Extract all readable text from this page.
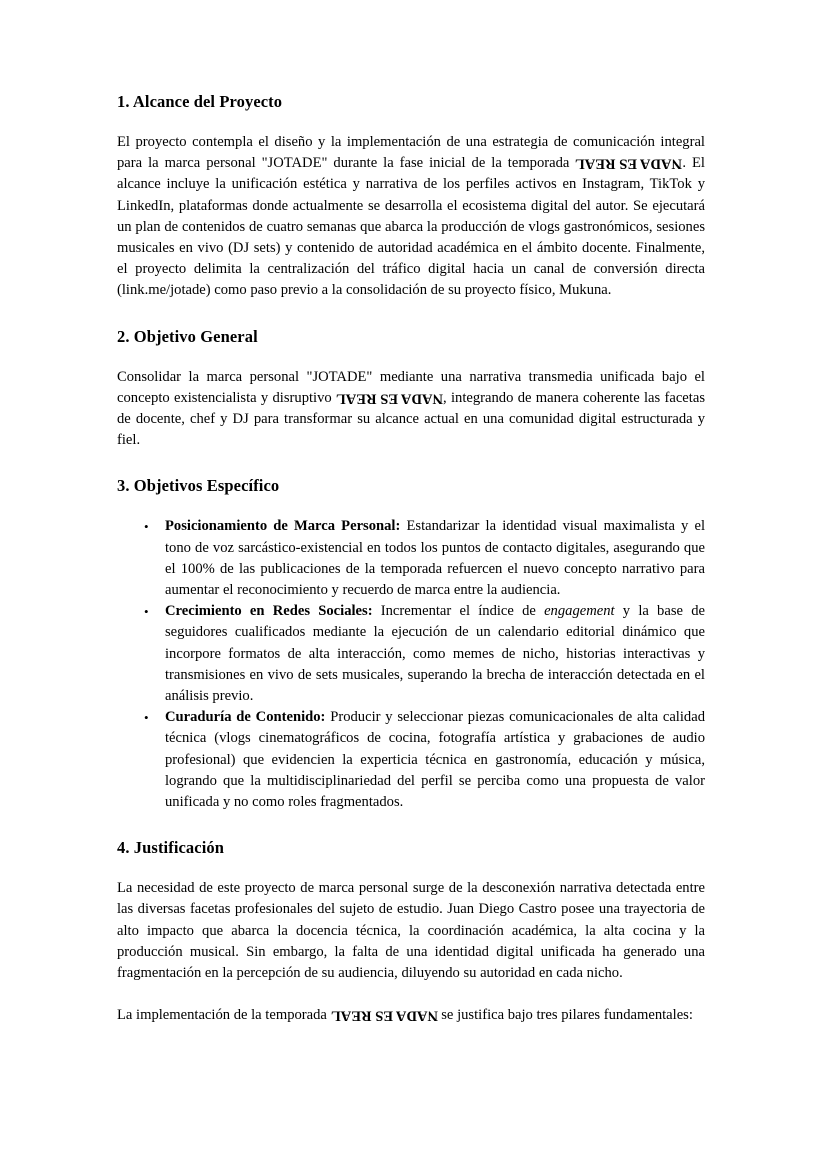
1. Alcance del Proyecto

El proyecto contempla el diseño y la implementación de una estrategia de comunicación integral para la marca personal "JOTADE" durante la fase inicial de la temporada NADA ES REAL. El alcance incluye la unificación estética y narrativa de los perfiles activos en Instagram, TikTok y LinkedIn, plataformas donde actualmente se desarrolla el ecosistema digital del autor. Se ejecutará un plan de contenidos de cuatro semanas que abarca la producción de vlogs gastronómicos, sesiones musicales en vivo (DJ sets) y contenido de autoridad académica en el ámbito docente. Finalmente, el proyecto delimita la centralización del tráfico digital hacia un canal de conversión directa (link.me/jotade) como paso previo a la consolidación de su proyecto físico, Mukuna.

2. Objetivo General

Consolidar la marca personal "JOTADE" mediante una narrativa transmedia unificada bajo el concepto existencialista y disruptivo NADA ES REAL, integrando de manera coherente las facetas de docente, chef y DJ para transformar su alcance actual en una comunidad digital estructurada y fiel.

3. Objetivos Específico
• Posicionamiento de Marca Personal: Estandarizar la identidad visual maximalista y el tono de voz sarcástico-existencial en todos los puntos de contacto digitales, asegurando que el 100% de las publicaciones de la temporada refuercen el nuevo concepto narrativo para aumentar el reconocimiento y recuerdo de marca entre la audiencia.
• Crecimiento en Redes Sociales: Incrementar el índice de engagement y la base de seguidores cualificados mediante la ejecución de un calendario editorial dinámico que incorpore formatos de alta interacción, como memes de nicho, historias interactivas y transmisiones en vivo de sets musicales, superando la brecha de interacción detectada en el análisis previo.
• Curaduría de Contenido: Producir y seleccionar piezas comunicacionales de alta calidad técnica (vlogs cinematográficos de cocina, fotografía artística y grabaciones de audio profesional) que evidencien la experticia técnica en gastronomía, educación y música, logrando que la multidisciplinariedad del perfil se perciba como una propuesta de valor unificada y no como roles fragmentados.
4. Justificación

La necesidad de este proyecto de marca personal surge de la desconexión narrativa detectada entre las diversas facetas profesionales del sujeto de estudio. Juan Diego Castro posee una trayectoria de alto impacto que abarca la docencia técnica, la coordinación académica, la alta cocina y la producción musical. Sin embargo, la falta de una identidad digital unificada ha generado una fragmentación en la percepción de su audiencia, diluyendo su autoridad en cada nicho.

La implementación de la temporada NADA ES REAL se justifica bajo tres pilares fundamentales:
